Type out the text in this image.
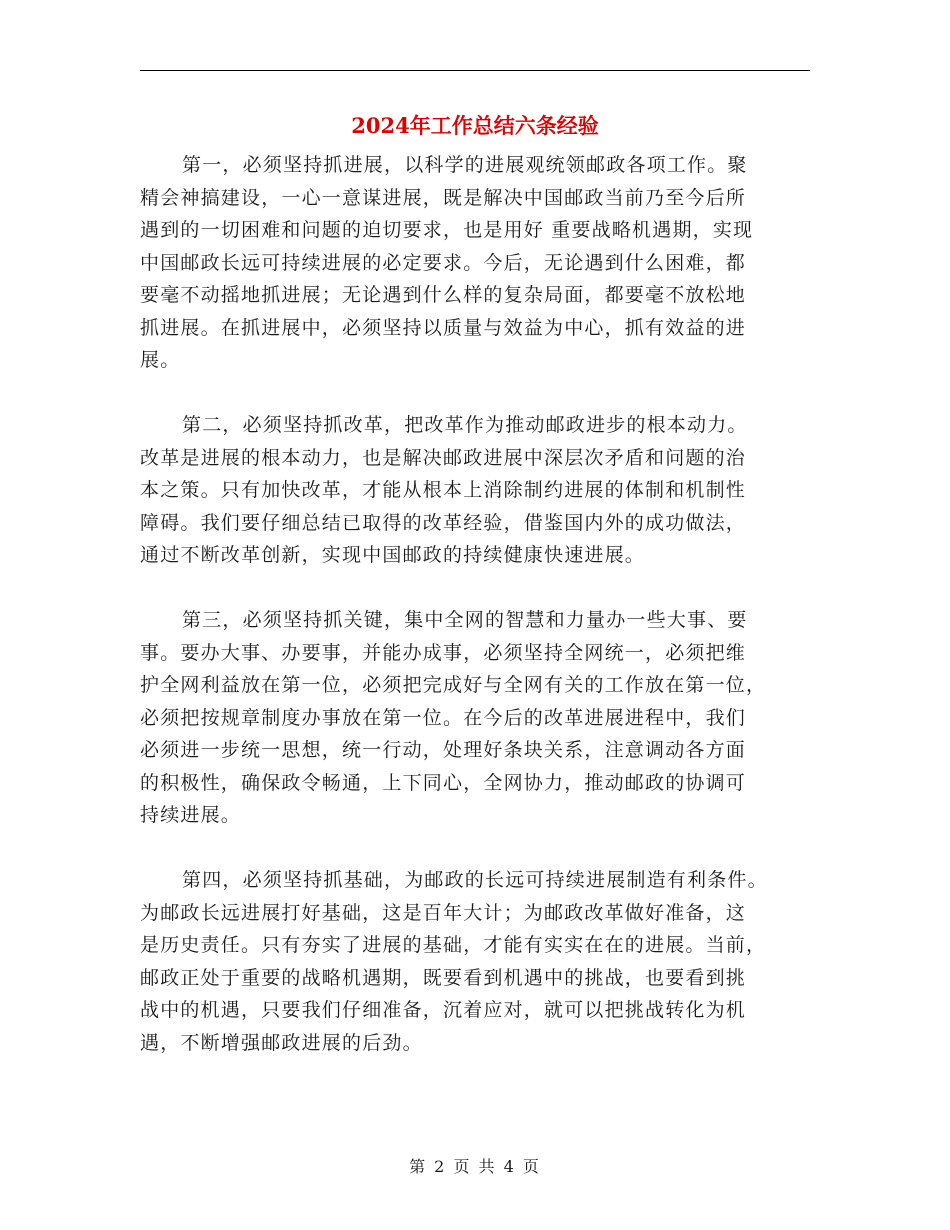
2024年工作总结六条经验

第一，必须坚持抓进展，以科学的进展观统领邮政各项工作。聚
精会神搞建设，一心一意谋进展，既是解决中国邮政当前乃至今后所
遇到的一切困难和问题的迫切要求，也是用好 重要战略机遇期，实现
中国邮政长远可持续进展的必定要求。今后，无论遇到什么困难，都
要毫不动摇地抓进展；无论遇到什么样的复杂局面，都要毫不放松地
抓进展。在抓进展中，必须坚持以质量与效益为中心，抓有效益的进
展。

第二，必须坚持抓改革，把改革作为推动邮政进步的根本动力。
改革是进展的根本动力，也是解决邮政进展中深层次矛盾和问题的治
本之策。只有加快改革，才能从根本上消除制约进展的体制和机制性
障碍。我们要仔细总结已取得的改革经验，借鉴国内外的成功做法，
通过不断改革创新，实现中国邮政的持续健康快速进展。

第三，必须坚持抓关键，集中全网的智慧和力量办一些大事、要
事。要办大事、办要事，并能办成事，必须坚持全网统一，必须把维
护全网利益放在第一位，必须把完成好与全网有关的工作放在第一位，
必须把按规章制度办事放在第一位。在今后的改革进展进程中，我们
必须进一步统一思想，统一行动，处理好条块关系，注意调动各方面
的积极性，确保政令畅通，上下同心，全网协力，推动邮政的协调可
持续进展。

第四，必须坚持抓基础，为邮政的长远可持续进展制造有利条件。
为邮政长远进展打好基础，这是百年大计；为邮政改革做好准备，这
是历史责任。只有夯实了进展的基础，才能有实实在在的进展。当前，
邮政正处于重要的战略机遇期，既要看到机遇中的挑战，也要看到挑
战中的机遇，只要我们仔细准备，沉着应对，就可以把挑战转化为机
遇，不断增强邮政进展的后劲。

第 2 页 共 4 页
